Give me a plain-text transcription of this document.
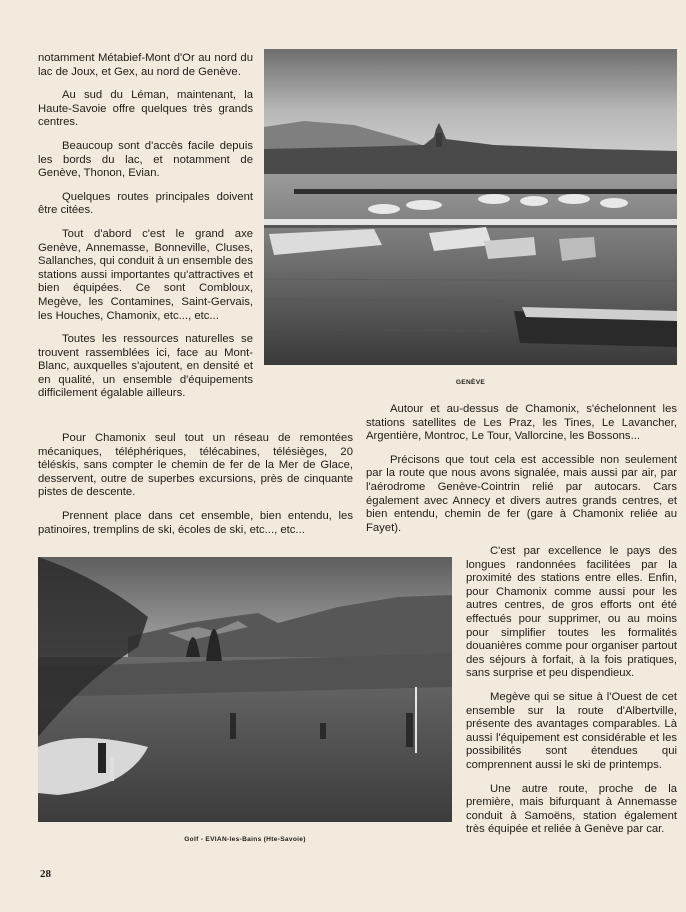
notamment Métabief-Mont d'Or au nord du lac de Joux, et Gex, au nord de Genève.

Au sud du Léman, maintenant, la Haute-Savoie offre quelques très grands centres.

Beaucoup sont d'accès facile depuis les bords du lac, et notamment de Genève, Thonon, Evian.

Quelques routes principales doivent être citées.

Tout d'abord c'est le grand axe Genève, Annemasse, Bonneville, Cluses, Sallanches, qui conduit à un ensemble des stations aussi importantes qu'attractives et bien équipées. Ce sont Combloux, Megève, les Contamines, Saint-Gervais, les Houches, Chamonix, etc..., etc...

Toutes les ressources naturelles se trouvent rassemblées ici, face au Mont-Blanc, auxquelles s'ajoutent, en densité et en qualité, un ensemble d'équipements difficilement égalable ailleurs.

Pour Chamonix seul tout un réseau de remontées mécaniques, téléphériques, télécabines, télésièges, 20 téléskis, sans compter le chemin de fer de la Mer de Glace, desservent, outre de superbes excursions, près de cinquante pistes de descente.

Prennent place dans cet ensemble, bien entendu, les patinoires, tremplins de ski, écoles de ski, etc..., etc...

GENÈVE

Autour et au-dessus de Chamonix, s'échelonnent les stations satellites de Les Praz, les Tines, Le Lavancher, Argentière, Montroc, Le Tour, Vallorcine, les Bossons...

Précisons que tout cela est accessible non seulement par la route que nous avons signalée, mais aussi par air, par l'aérodrome Genève-Cointrin relié par autocars. Cars également avec Annecy et divers autres grands centres, et bien entendu, chemin de fer (gare à Chamonix reliée au Fayet).

Golf - EVIAN-les-Bains (Hte-Savoie)

C'est par excellence le pays des longues randonnées facilitées par la proximité des stations entre elles. Enfin, pour Chamonix comme aussi pour les autres centres, de gros efforts ont été effectués pour supprimer, ou au moins pour simplifier toutes les formalités douanières comme pour organiser partout des séjours à forfait, à la fois pratiques, sans surprise et peu dispendieux.

Megève qui se situe à l'Ouest de cet ensemble sur la route d'Albertville, présente des avantages comparables. Là aussi l'équipement est considérable et les possibilités sont étendues qui comprennent aussi le ski de printemps.

Une autre route, proche de la première, mais bifurquant à Annemasse conduit à Samoëns, station également très équipée et reliée à Genève par car.

28
